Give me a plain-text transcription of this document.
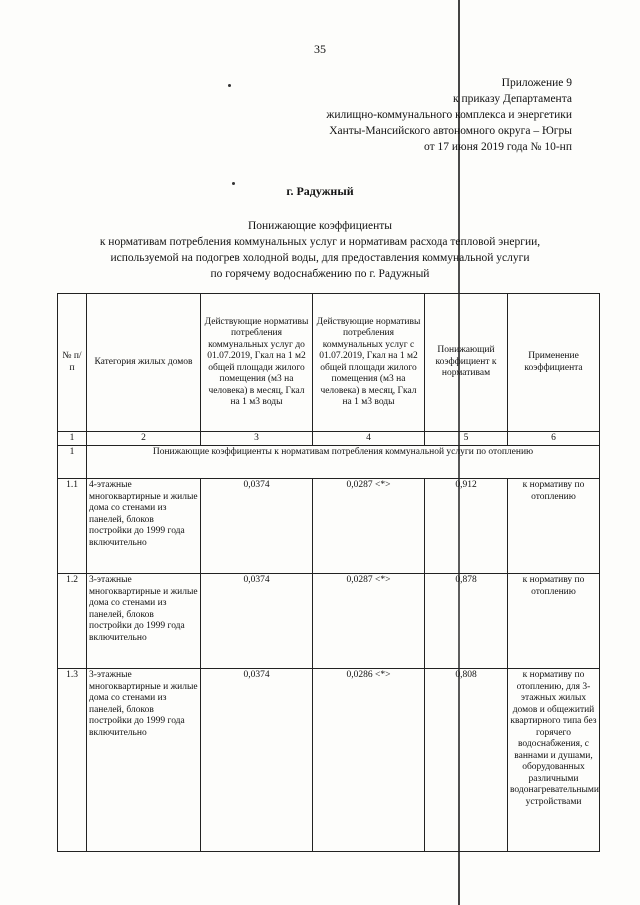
35
Приложение 9
к приказу Департамента
жилищно-коммунального комплекса и энергетики
Ханты-Мансийского автономного округа – Югры
от 17 июня 2019 года № 10-нп
г. Радужный
Понижающие коэффициенты
к нормативам потребления коммунальных услуг и нормативам расхода тепловой энергии,
используемой на подогрев холодной воды, для предоставления коммунальной услуги
по горячему водоснабжению по г. Радужный
№ п/п	Категория жилых домов	Действующие нормативы потребления коммунальных услуг до 01.07.2019, Гкал на 1 м2 общей площади жилого помещения (м3 на человека) в месяц, Гкал на 1 м3 воды	Действующие нормативы потребления коммунальных услуг с 01.07.2019, Гкал на 1 м2 общей площади жилого помещения (м3 на человека) в месяц, Гкал на 1 м3 воды	Понижающий коэффициент к нормативам	Применение коэффициента
1	2	3	4	5	6
1	Понижающие коэффициенты к нормативам потребления коммунальной услуги по отоплению				
1.1	4-этажные многоквартирные и жилые дома со стенами из панелей, блоков постройки до 1999 года включительно	0,0374	0,0287 <*>	0,912	к нормативу по отоплению
1.2	3-этажные многоквартирные и жилые дома со стенами из панелей, блоков постройки до 1999 года включительно	0,0374	0,0287 <*>	0,878	к нормативу по отоплению
1.3	3-этажные многоквартирные и жилые дома со стенами из панелей, блоков постройки до 1999 года включительно	0,0374	0,0286 <*>	0,808	к нормативу по отоплению, для 3-этажных жилых домов и общежитий квартирного типа без горячего водоснабжения, с ваннами и душами, оборудованных различными водонагревательными устройствами
